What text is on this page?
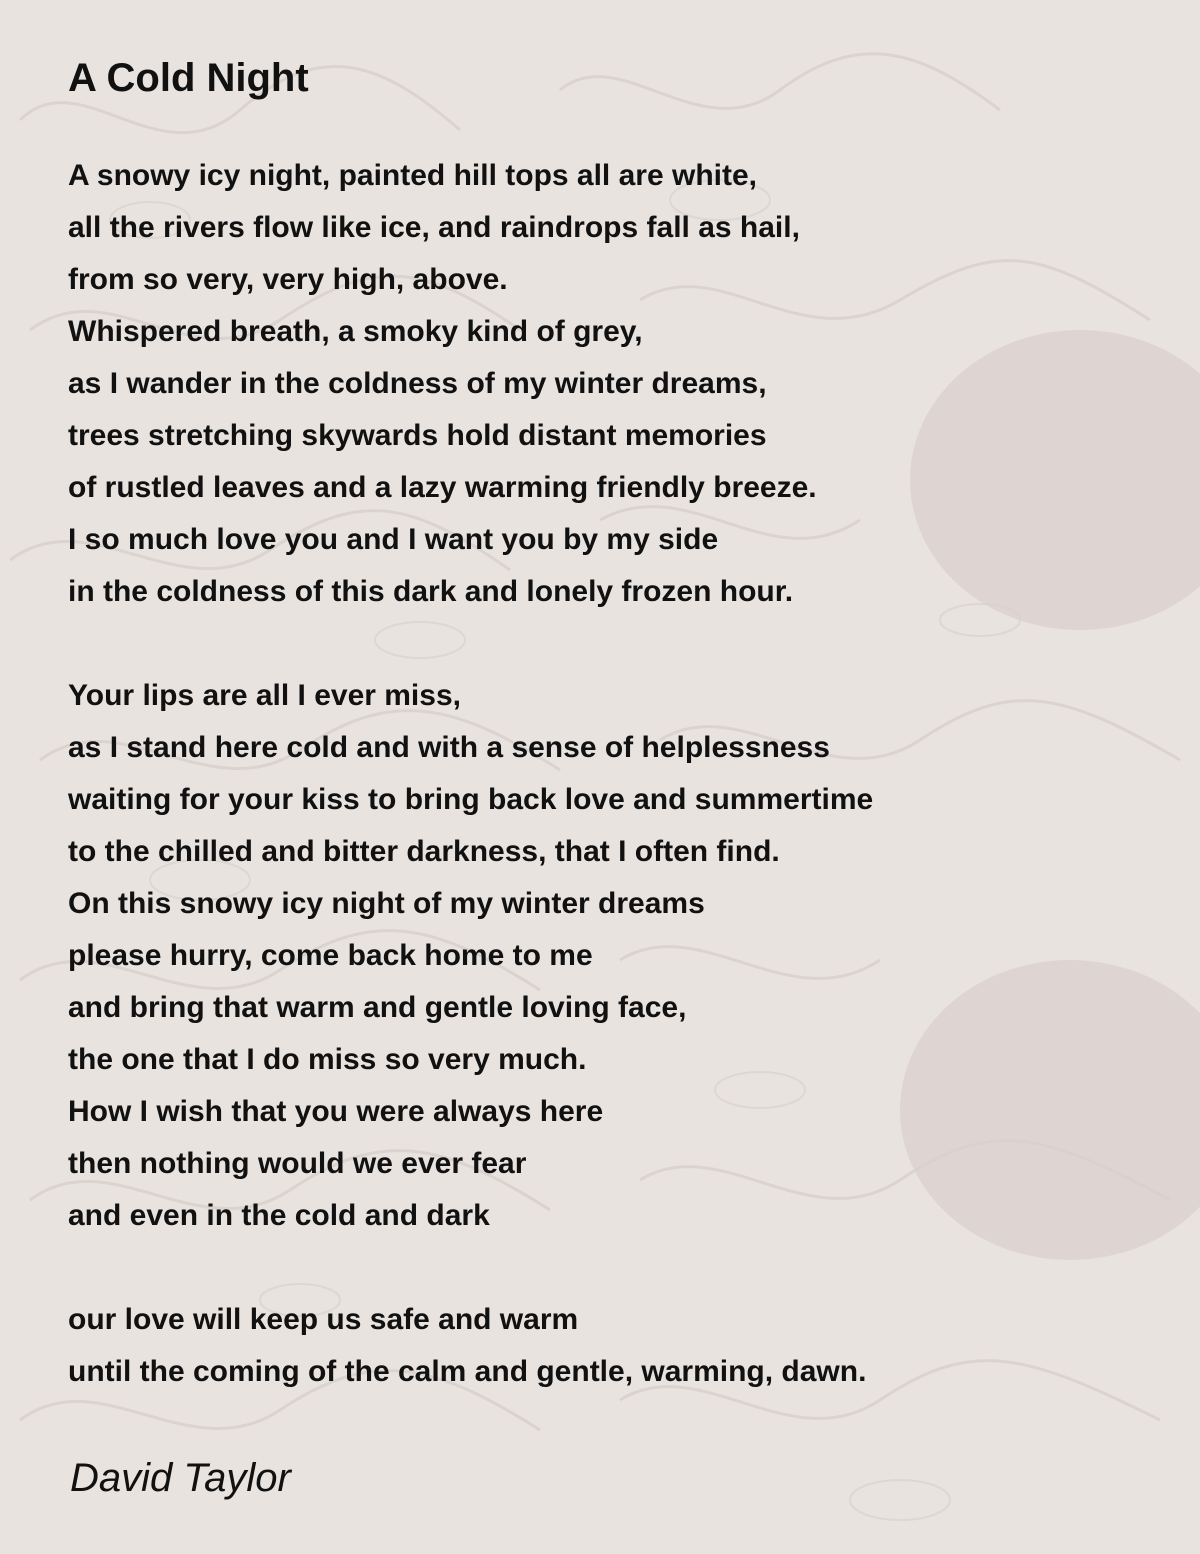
A Cold Night
A snowy icy night, painted hill tops all are white,
all the rivers flow like ice, and raindrops fall as hail,
from so very, very high, above.
Whispered breath, a smoky kind of grey,
as I wander in the coldness of my winter dreams,
trees stretching skywards hold distant memories
of rustled leaves and a lazy warming friendly breeze.
I so much love you and I want you by my side
in the coldness of this dark and lonely frozen hour.
Your lips are all I ever miss,
as I stand here cold and with a sense of helplessness
waiting for your kiss to bring back love and summertime
to the chilled and bitter darkness, that I often find.
On this snowy icy night of my winter dreams
please hurry, come back home to me
and bring that warm and gentle loving face,
the one that I do miss so very much.
How I wish that you were always here
then nothing would we ever fear
and even in the cold and dark
our love will keep us safe and warm
until the coming of the calm and gentle, warming, dawn.

David Taylor
